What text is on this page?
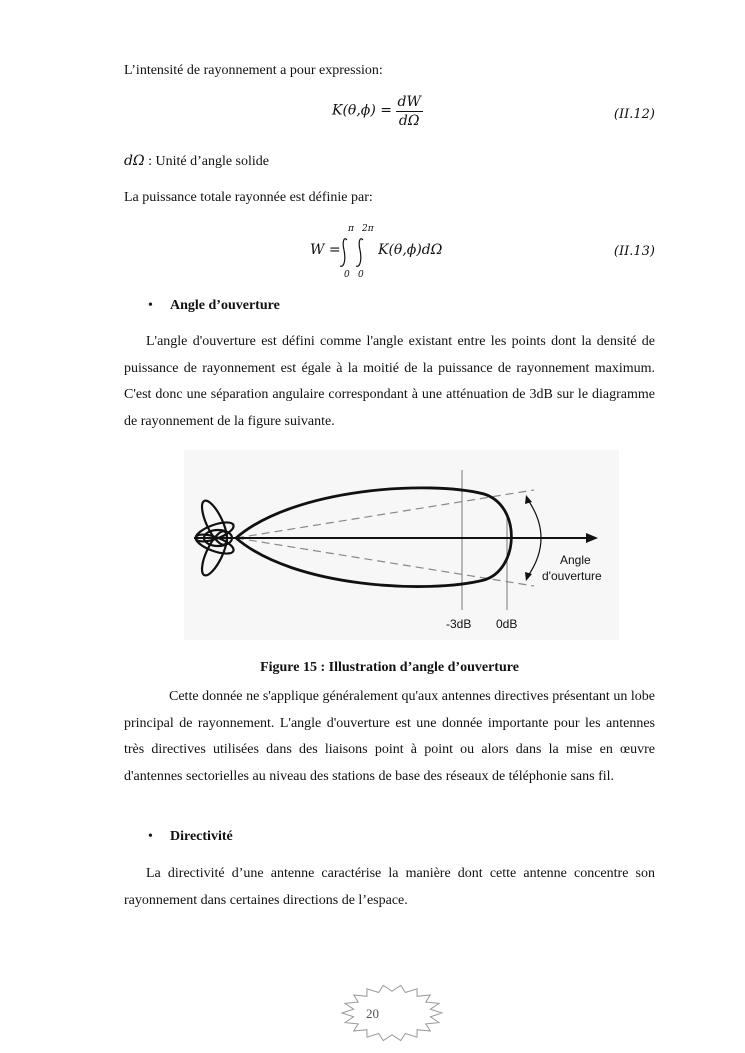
L’intensité de rayonnement a pour expression:

$K(\theta,\phi) = \frac{dW}{d\Omega}$	(II.12)

dΩ : Unité d’angle solide

La puissance totale rayonnée est définie par:

W =
π 2π
0 0
K(θ,ϕ)dΩ	(II.13)
• Angle d’ouverture

L'angle d'ouverture est défini comme l'angle existant entre les points dont la densité de puissance de rayonnement est égale à la moitié de la puissance de rayonnement maximum. C'est donc une séparation angulaire correspondant à une atténuation de 3dB sur le diagramme de rayonnement de la figure suivante.

Angle
d'ouverture
-3dB 0dB
Figure 15 : Illustration d’angle d’ouverture

Cette donnée ne s'applique généralement qu'aux antennes directives présentant un lobe principal de rayonnement. L'angle d'ouverture est une donnée importante pour les antennes très directives utilisées dans des liaisons point à point ou alors dans la mise en œuvre d'antennes sectorielles au niveau des stations de base des réseaux de téléphonie sans fil.

• Directivité

La directivité d’une antenne caractérise la manière dont cette antenne concentre son rayonnement dans certaines directions de l’espace.

20
